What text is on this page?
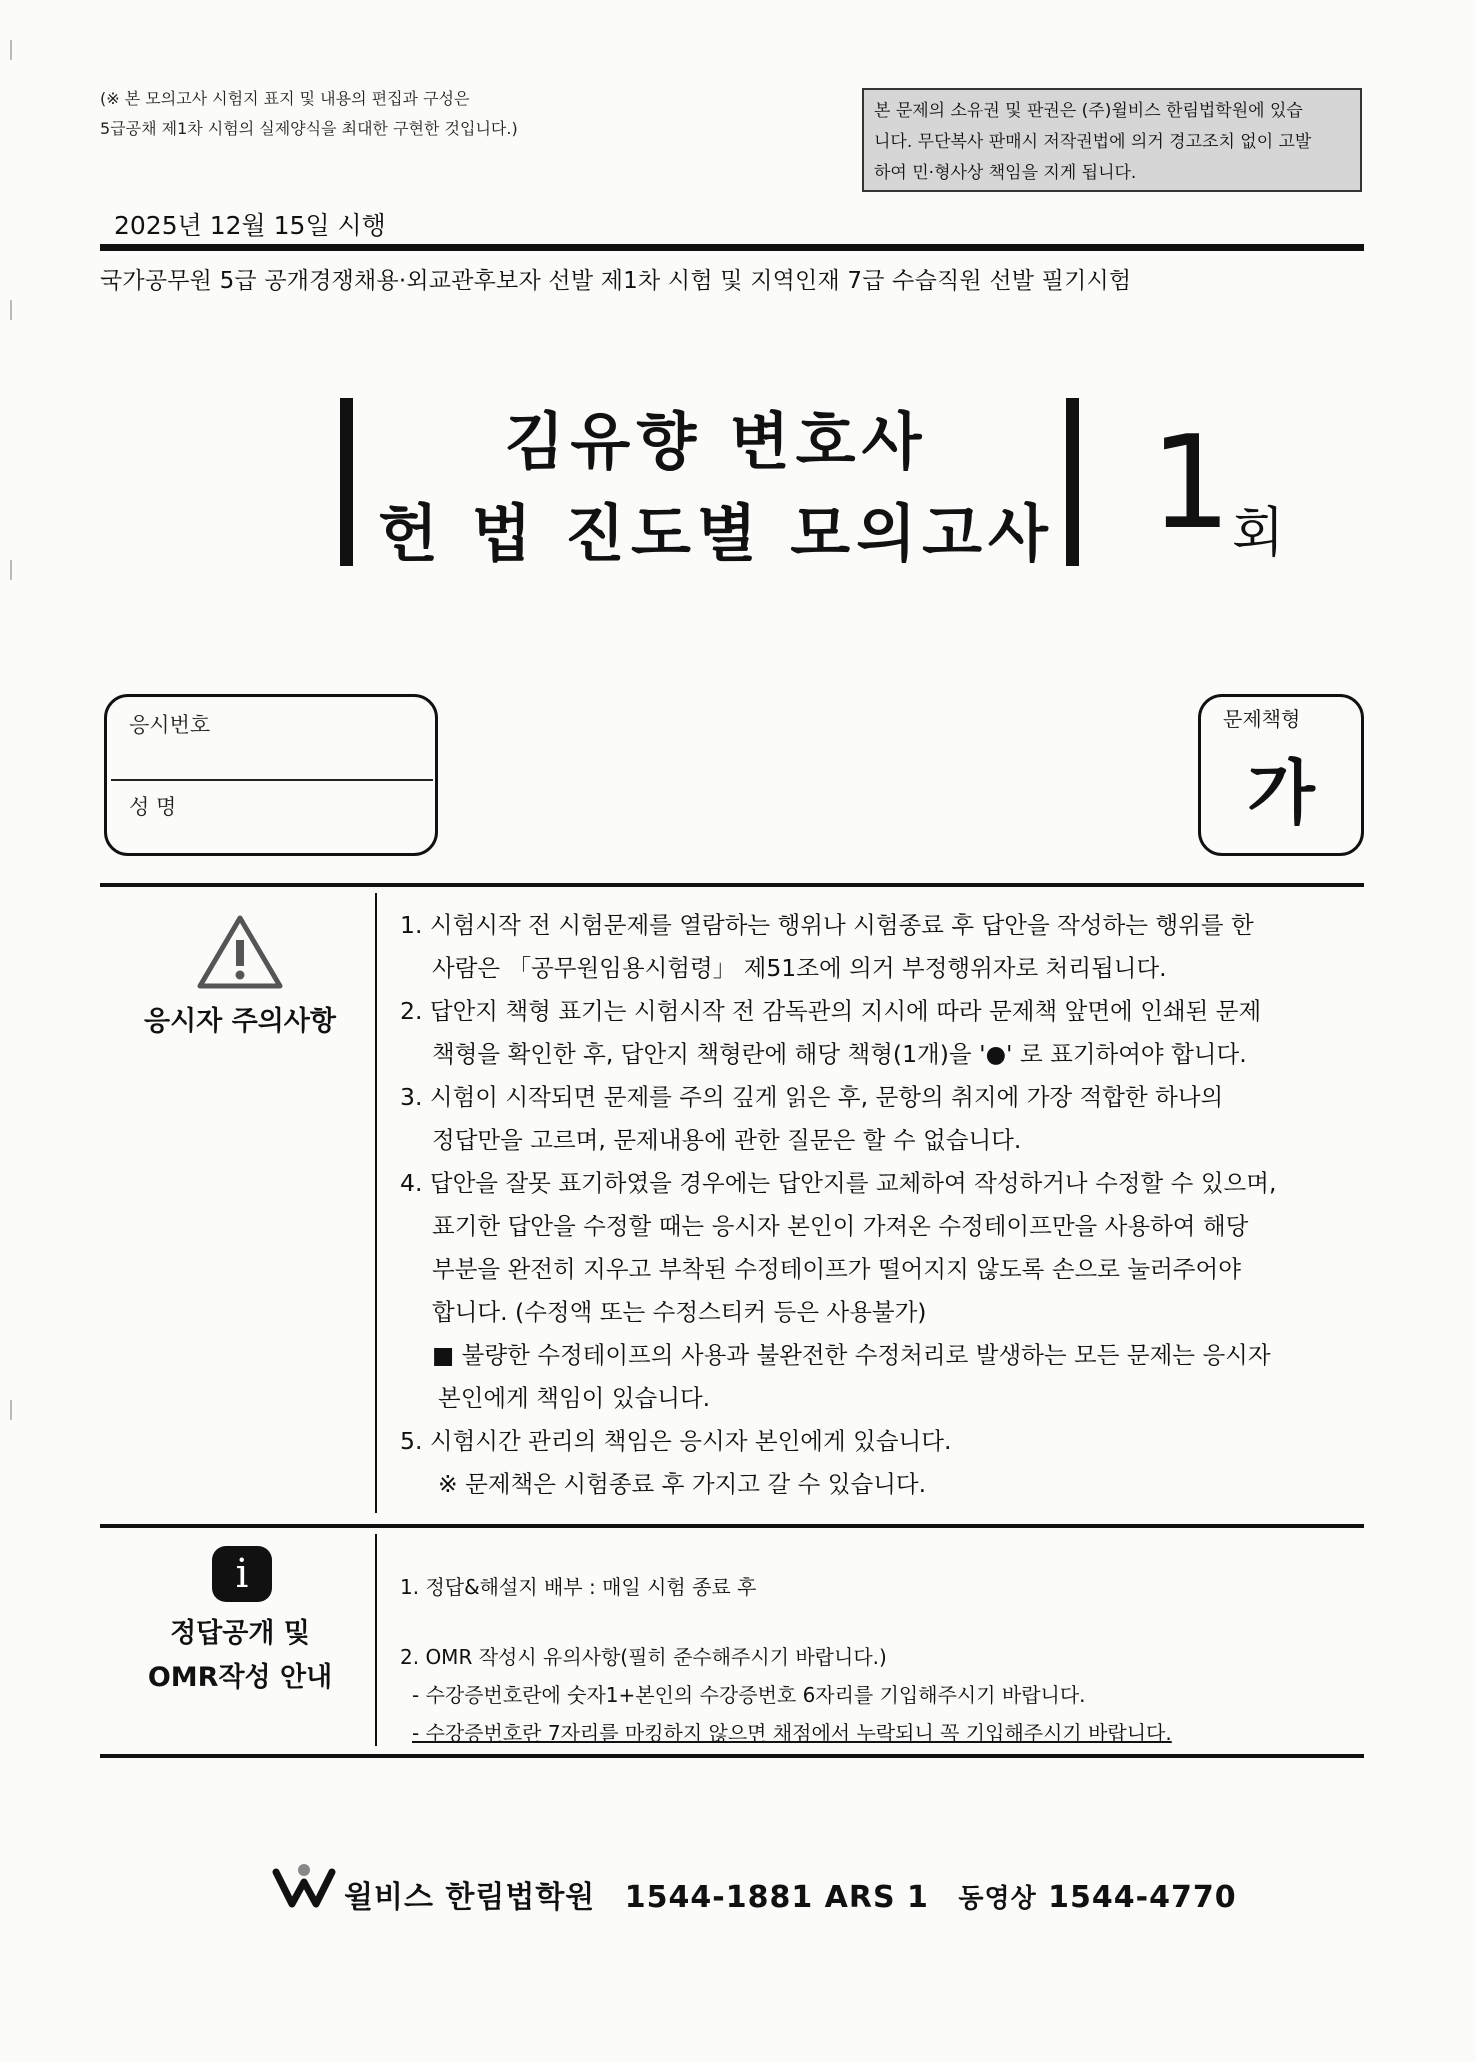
(※ 본 모의고사 시험지 표지 및 내용의 편집과 구성은
5급공채 제1차 시험의 실제양식을 최대한 구현한 것입니다.)
본 문제의 소유권 및 판권은 (주)윌비스 한림법학원에 있습
니다. 무단복사 판매시 저작권법에 의거 경고조치 없이 고발
하여 민·형사상 책임을 지게 됩니다.
2025년 12월 15일 시행
국가공무원 5급 공개경쟁채용·외교관후보자 선발 제1차 시험 및 지역인재 7급 수습직원 선발 필기시험
김유향 변호사
헌 법 진도별 모의고사 1 회
응시번호
성 명
문제책형
가
응시자 주의사항

1. 시험시작 전 시험문제를 열람하는 행위나 시험종료 후 답안을 작성하는 행위를 한

사람은 「공무원임용시험령」 제51조에 의거 부정행위자로 처리됩니다.

2. 답안지 책형 표기는 시험시작 전 감독관의 지시에 따라 문제책 앞면에 인쇄된 문제

책형을 확인한 후, 답안지 책형란에 해당 책형(1개)을 '●' 로 표기하여야 합니다.

3. 시험이 시작되면 문제를 주의 깊게 읽은 후, 문항의 취지에 가장 적합한 하나의

정답만을 고르며, 문제내용에 관한 질문은 할 수 없습니다.

4. 답안을 잘못 표기하였을 경우에는 답안지를 교체하여 작성하거나 수정할 수 있으며,

표기한 답안을 수정할 때는 응시자 본인이 가져온 수정테이프만을 사용하여 해당

부분을 완전히 지우고 부착된 수정테이프가 떨어지지 않도록 손으로 눌러주어야

합니다. (수정액 또는 수정스티커 등은 사용불가)

■ 불량한 수정테이프의 사용과 불완전한 수정처리로 발생하는 모든 문제는 응시자

본인에게 책임이 있습니다.

5. 시험시간 관리의 책임은 응시자 본인에게 있습니다.

※ 문제책은 시험종료 후 가지고 갈 수 있습니다.

i
정답공개 및
OMR작성 안내

1. 정답&해설지 배부 : 매일 시험 종료 후

2. OMR 작성시 유의사항(필히 준수해주시기 바랍니다.)

- 수강증번호란에 숫자1+본인의 수강증번호 6자리를 기입해주시기 바랍니다.

- 수강증번호란 7자리를 마킹하지 않으면 채점에서 누락되니 꼭 기입해주시기 바랍니다.

윌비스 한림법학원 1544-1881 ARS 1 동영상 1544-4770
